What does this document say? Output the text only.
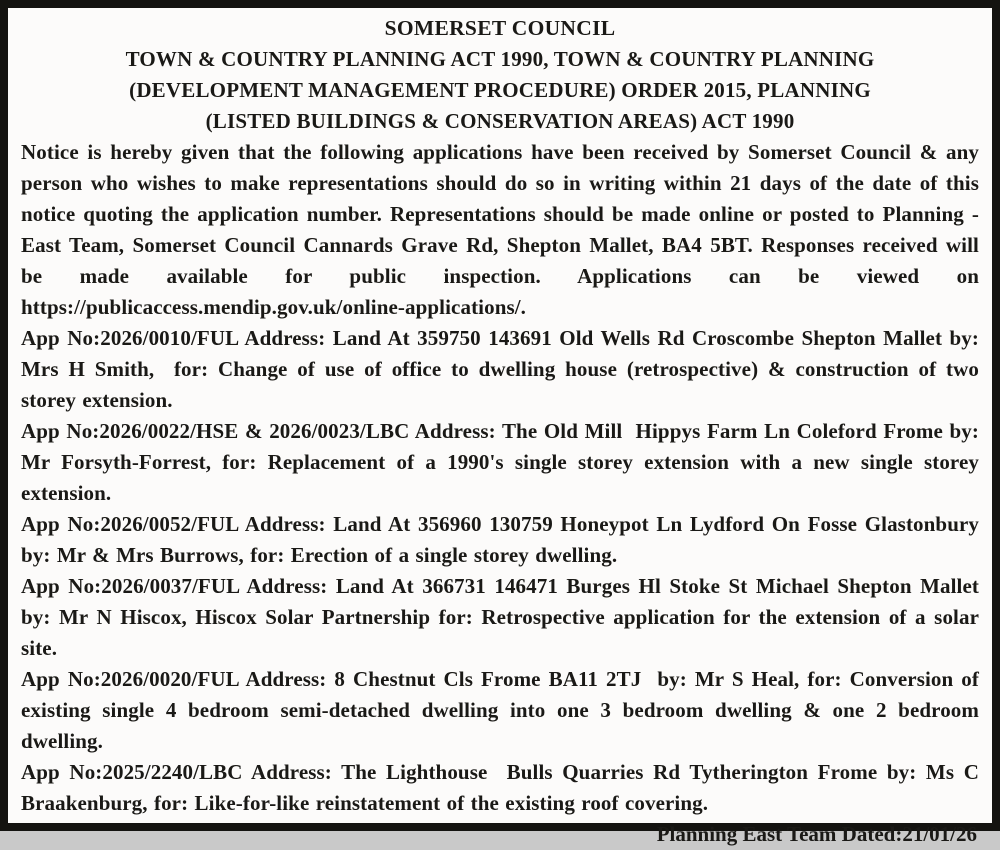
SOMERSET COUNCIL

TOWN & COUNTRY PLANNING ACT 1990, TOWN & COUNTRY PLANNING

(DEVELOPMENT MANAGEMENT PROCEDURE) ORDER 2015, PLANNING

(LISTED BUILDINGS & CONSERVATION AREAS) ACT 1990

Notice is hereby given that the following applications have been received by Somerset Council & any person who wishes to make representations should do so in writing within 21 days of the date of this notice quoting the application number. Representations should be made online or posted to Planning - East Team, Somerset Council Cannards Grave Rd, Shepton Mallet, BA4 5BT. Responses received will be made available for public inspection. Applications can be viewed on https://publicaccess.mendip.gov.uk/online-applications/.

App No:2026/0010/FUL Address: Land At 359750 143691 Old Wells Rd Croscombe Shepton Mallet by: Mrs H Smith,  for: Change of use of office to dwelling house (retrospective) & construction of two storey extension.

App No:2026/0022/HSE & 2026/0023/LBC Address: The Old Mill  Hippys Farm Ln Coleford Frome by: Mr Forsyth-Forrest, for: Replacement of a 1990's single storey extension with a new single storey extension.

App No:2026/0052/FUL Address: Land At 356960 130759 Honeypot Ln Lydford On Fosse Glastonbury by: Mr & Mrs Burrows, for: Erection of a single storey dwelling.

App No:2026/0037/FUL Address: Land At 366731 146471 Burges Hl Stoke St Michael Shepton Mallet by: Mr N Hiscox, Hiscox Solar Partnership for: Retrospective application for the extension of a solar site.

App No:2026/0020/FUL Address: 8 Chestnut Cls Frome BA11 2TJ  by: Mr S Heal, for: Conversion of existing single 4 bedroom semi-detached dwelling into one 3 bedroom dwelling & one 2 bedroom dwelling.

App No:2025/2240/LBC Address: The Lighthouse  Bulls Quarries Rd Tytherington Frome by: Ms C Braakenburg, for: Like-for-like reinstatement of the existing roof covering.

Planning East Team Dated:21/01/26
